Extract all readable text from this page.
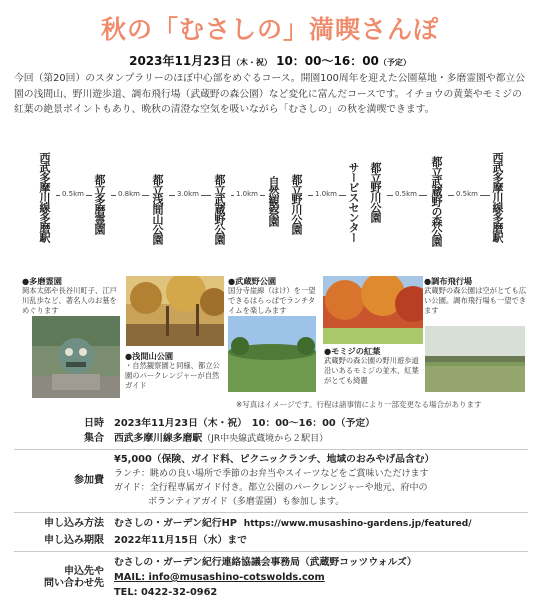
秋の「むさしの」満喫さんぽ
2023年11月23日（木・祝） 10：00〜16：00（予定）

今回（第20回）のスタンプラリーのほぼ中心部をめぐるコース。開園100周年を迎えた公園墓地・多磨霊園や都立公園の浅間山、野川遊歩道、調布飛行場（武蔵野の森公園）など変化に富んだコースです。イチョウの黄葉やモミジの紅葉の絶景ポイントもあり、晩秋の清澄な空気を吸いながら「むさしの」の秋を満喫できます。

西武多摩川線多磨駅	都立多磨霊園	都立浅間山公園	都立武蔵野公園	自然観察園 都立野川公園	サービスセンター 都立野川公園	都立武蔵野の森公園	西武多摩川線多磨駅
0.5km	0.8km	3.0km	1.0km	1.0km	0.5km	0.5km
●多磨霊園
岡本太郎や長谷川町子、江戸川乱歩など、著名人のお墓をめぐります
●武蔵野公園
国分寺崖線（はけ）を一望できるはらっぱでランチタイムを楽しみます
●調布飛行場
武蔵野の森公園は空がとても広い公園。調布飛行場も一望できます
●浅間山公園
・自然観察園と同様、都立公園のパークレンジャーが自然ガイド
●モミジの紅葉
武蔵野の森公園の野川遊歩道沿いあるモミジの並木、紅葉がとても綺麗
※写真はイメージです。行程は諸事情により一部変更なる場合があります
日時 2023年11月23日（木・祝）　10：00〜16：00（予定）
集合 西武多摩川線多磨駅（JR中央線武蔵境から２駅目）
参加費
¥5,000（保険、ガイド料、ピクニックランチ、地域のおみやげ品含む）
ランチ：眺めの良い場所で季節のお弁当やスイーツなどをご賞味いただけます
ガイド：全行程専属ガイド付き。都立公園のパークレンジャーや地元、府中の
ボランティアガイド（多磨霊園）も参加します。
申し込み方法 むさしの・ガーデン紀行HP https://www.musashino-gardens.jp/featured/
申し込み期限 2022年11月15日（水）まで
申込先や
問い合わせ先
むさしの・ガーデン紀行連絡協議会事務局（武蔵野コッツウォルズ）
MAIL: info@musashino-cotswolds.com
TEL: 0422-32-0962
